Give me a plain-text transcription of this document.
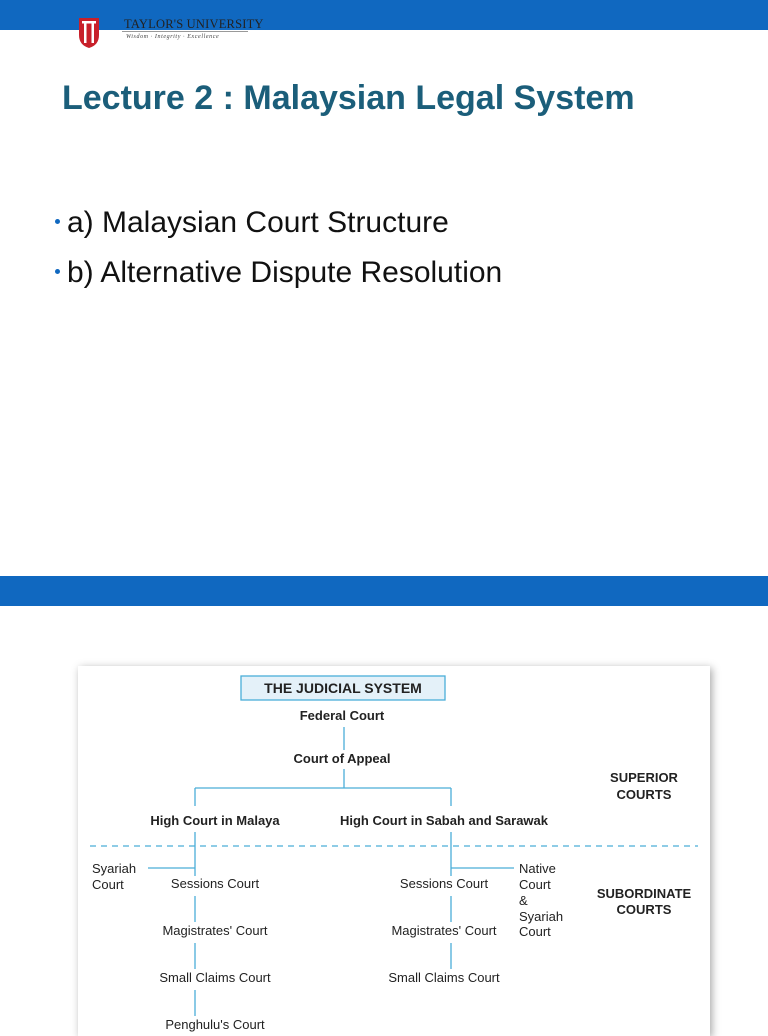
TAYLOR'S UNIVERSITY
Wisdom · Integrity · Excellence
Lecture 2 : Malaysian Legal System
a) Malaysian Court Structure
b) Alternative Dispute Resolution
THE JUDICIAL SYSTEM
Federal Court
Court of Appeal
SUPERIOR
COURTS
High Court in Malaya	High Court in Sabah and Sarawak
Syariah
Court
Native
Court
&
Syariah
Court
SUBORDINATE
COURTS
Sessions Court
Magistrates' Court
Small Claims Court
Penghulu's Court
Sessions Court
Magistrates' Court
Small Claims Court
